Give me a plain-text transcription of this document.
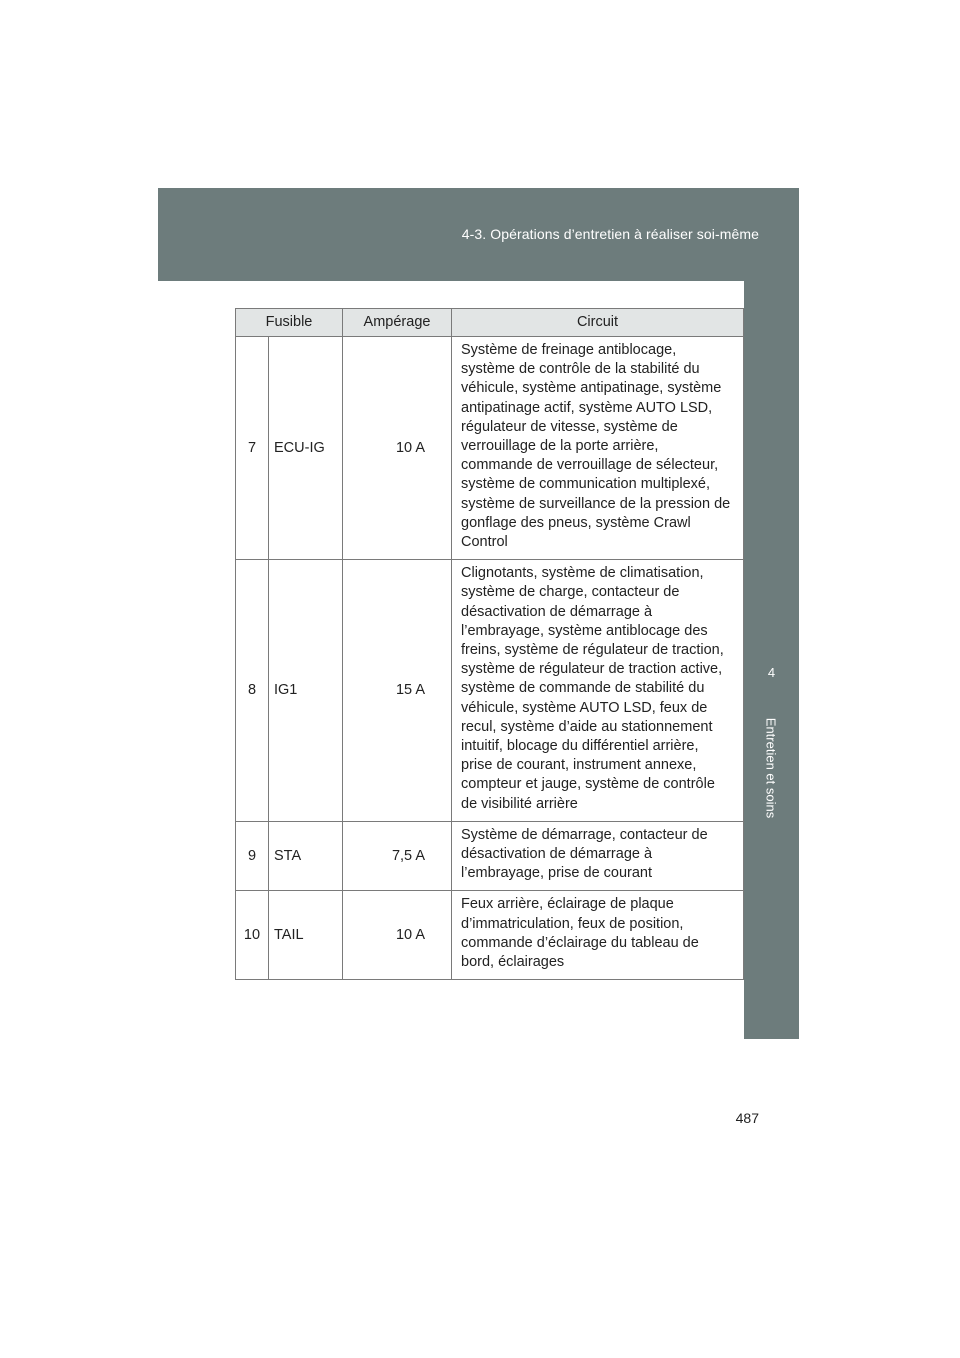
4-3. Opérations d’entretien à réaliser soi-même
4
Entretien et soins
Fusible		Ampérage	Circuit
7	ECU-IG	10 A	Système de freinage antiblocage, système de contrôle de la stabilité du véhicule, système antipatinage, système antipatinage actif, système AUTO LSD, régulateur de vitesse, système de verrouillage de la porte arrière, commande de verrouillage de sélecteur, système de communication multiplexé, système de surveillance de la pression de gonflage des pneus, système Crawl Control
8	IG1	15 A	Clignotants, système de climatisation, système de charge, contacteur de désactivation de démarrage à l’embrayage, système antiblocage des freins, système de régulateur de traction, système de régulateur de traction active, système de commande de stabilité du véhicule, système AUTO LSD, feux de recul, système d’aide au stationnement intuitif, blocage du différentiel arrière, prise de courant, instrument annexe, compteur et jauge, système de contrôle de visibilité arrière
9	STA	7,5 A	Système de démarrage, contacteur de désactivation de démarrage à l’embrayage, prise de courant
10	TAIL	10 A	Feux arrière, éclairage de plaque d’immatriculation, feux de position, commande d’éclairage du tableau de bord, éclairages
487
